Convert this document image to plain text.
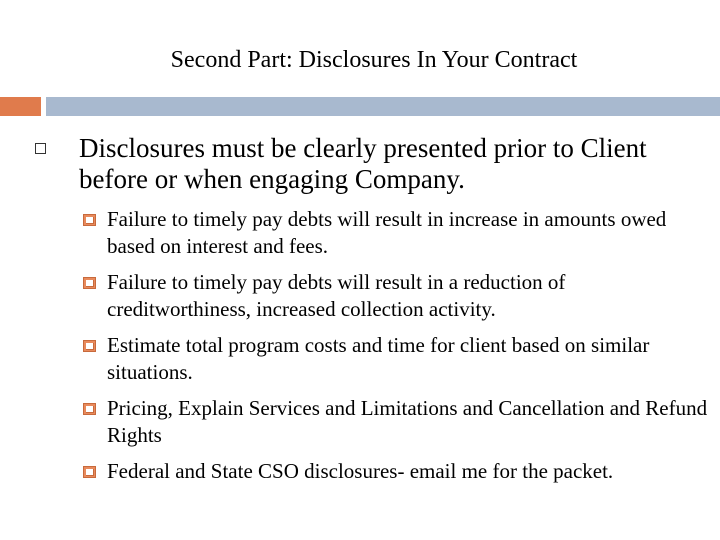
Second Part: Disclosures In Your Contract
Disclosures must be clearly presented prior to Client before or when engaging Company.
Failure to timely pay debts will result in increase in amounts owed based on interest and fees.
Failure to timely pay debts will result in a reduction of creditworthiness, increased collection activity.
Estimate total program costs and time for client based on similar situations.
Pricing, Explain Services and Limitations and Cancellation and Refund Rights
Federal and State CSO disclosures- email me for the packet.
